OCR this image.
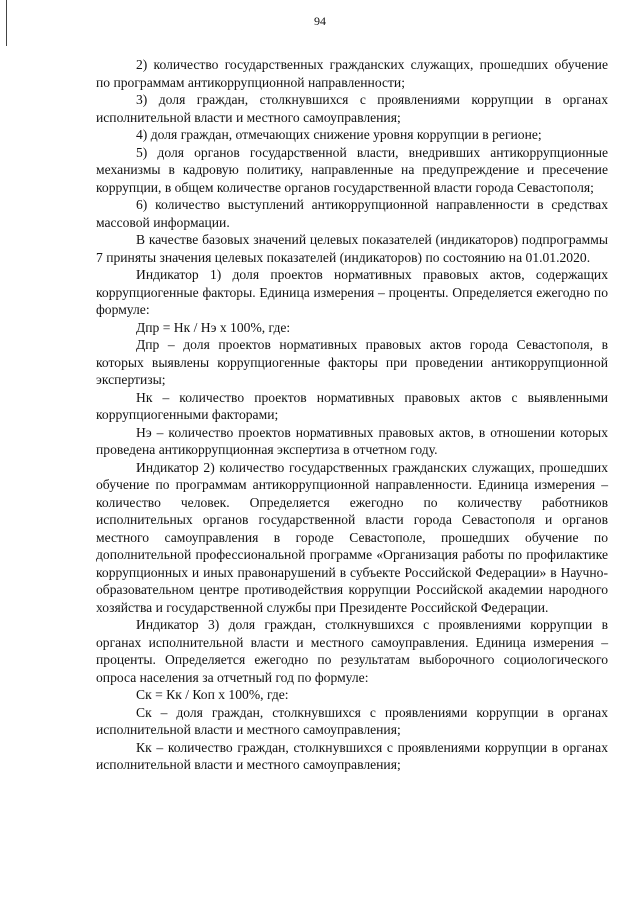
94

2) количество государственных гражданских служащих, прошедших обучение по программам антикоррупционной направленности;

3) доля граждан, столкнувшихся с проявлениями коррупции в органах исполнительной власти и местного самоуправления;

4) доля граждан, отмечающих снижение уровня коррупции в регионе;

5) доля органов государственной власти, внедривших антикоррупционные механизмы в кадровую политику, направленные на предупреждение и пресечение коррупции, в общем количестве органов государственной власти города Севастополя;

6) количество выступлений антикоррупционной направленности в средствах массовой информации.

В качестве базовых значений целевых показателей (индикаторов) подпрограммы 7 приняты значения целевых показателей (индикаторов) по состоянию на 01.01.2020.

Индикатор 1) доля проектов нормативных правовых актов, содержащих коррупциогенные факторы. Единица измерения – проценты. Определяется ежегодно по формуле:

Дпр = Нк / Нэ х 100%, где:

Дпр – доля проектов нормативных правовых актов города Севастополя, в которых выявлены коррупциогенные факторы при проведении антикоррупционной экспертизы;

Нк – количество проектов нормативных правовых актов с выявленными коррупциогенными факторами;

Нэ – количество проектов нормативных правовых актов, в отношении которых проведена антикоррупционная экспертиза в отчетном году.

Индикатор 2) количество государственных гражданских служащих, прошедших обучение по программам антикоррупционной направленности. Единица измерения – количество человек. Определяется ежегодно по количеству работников исполнительных органов государственной власти города Севастополя и органов местного самоуправления в городе Севастополе, прошедших обучение по дополнительной профессиональной программе «Организация работы по профилактике коррупционных и иных правонарушений в субъекте Российской Федерации» в Научно-образовательном центре противодействия коррупции Российской академии народного хозяйства и государственной службы при Президенте Российской Федерации.

Индикатор 3) доля граждан, столкнувшихся с проявлениями коррупции в органах исполнительной власти и местного самоуправления. Единица измерения – проценты. Определяется ежегодно по результатам выборочного социологического опроса населения за отчетный год по формуле:

Ск = Кк / Коп х 100%, где:

Ск – доля граждан, столкнувшихся с проявлениями коррупции в органах исполнительной власти и местного самоуправления;

Кк – количество граждан, столкнувшихся с проявлениями коррупции в органах исполнительной власти и местного самоуправления;
